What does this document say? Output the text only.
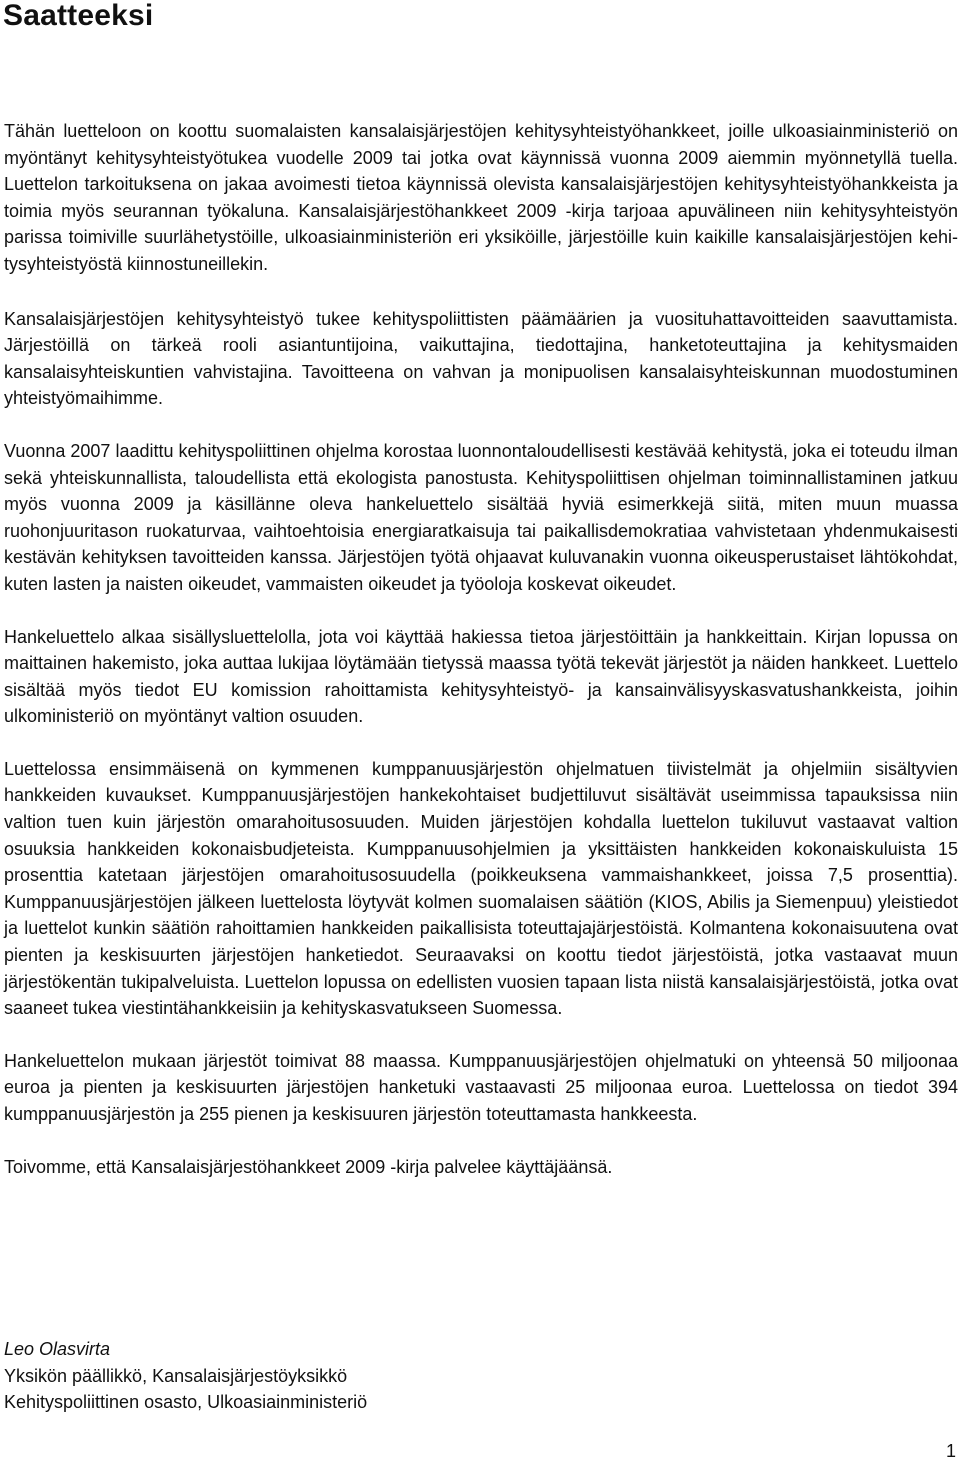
Saatteeksi

Tähän luetteloon on koottu suomalaisten kansalaisjärjestöjen kehitysyhteistyöhankkeet, joille ulkoasiainministeriö on myöntänyt kehitysyhteistyötukea vuodelle 2009 tai jotka ovat käynnissä vuonna 2009 aiemmin myönnetyllä tuella. Luettelon tarkoituksena on jakaa avoimesti tietoa käynnissä olevista kansalaisjärjestöjen kehitysyhteistyöhankkeista ja toimia myös seurannan työkaluna. Kansalaisjärjestöhankkeet 2009 -kirja tarjoaa apuvälineen niin kehitysyhteistyön parissa toimiville suurlähetystöille, ulkoasiainministeriön eri yksiköille, järjestöille kuin kaikille kansalaisjärjestöjen kehitysyhteistyöstä kiinnostuneillekin.

Kansalaisjärjestöjen kehitysyhteistyö tukee kehityspoliittisten päämäärien ja vuosituhattavoitteiden saavuttamista. Järjestöillä on tärkeä rooli asiantuntijoina, vaikuttajina, tiedottajina, hanketoteuttajina ja kehitysmaiden kansalaisyhteiskuntien vahvistajina. Tavoitteena on vahvan ja monipuolisen kansalaisyhteiskunnan muodostuminen yhteistyömaihimme.

Vuonna 2007 laadittu kehityspoliittinen ohjelma korostaa luonnontaloudellisesti kestävää kehitystä, joka ei toteudu ilman sekä yhteiskunnallista, taloudellista että ekologista panostusta. Kehityspoliittisen ohjelman toiminnallistaminen jatkuu myös vuonna 2009 ja käsillänne oleva hankeluettelo sisältää hyviä esimerkkejä siitä, miten muun muassa ruohonjuuritason ruokaturvaa, vaihtoehtoisia energiaratkaisuja tai paikallisdemokratiaa vahvistetaan yhdenmukaisesti kestävän kehityksen tavoitteiden kanssa. Järjestöjen työtä ohjaavat kuluvanakin vuonna oikeusperustaiset lähtökohdat, kuten lasten ja naisten oikeudet, vammaisten oikeudet ja työoloja koskevat oikeudet.

Hankeluettelo alkaa sisällysluettelolla, jota voi käyttää hakiessa tietoa järjestöittäin ja hankkeittain. Kirjan lopussa on maittainen hakemisto, joka auttaa lukijaa löytämään tietyssä maassa työtä tekevät järjestöt ja näiden hankkeet. Luettelo sisältää myös tiedot EU komission rahoittamista kehitysyhteistyö- ja kansainvälisyyskasvatushankkeista, joihin ulkoministeriö on myöntänyt valtion osuuden.

Luettelossa ensimmäisenä on kymmenen kumppanuusjärjestön ohjelmatuen tiivistelmät ja ohjelmiin sisältyvien hankkeiden kuvaukset. Kumppanuusjärjestöjen hankekohtaiset budjettiluvut sisältävät useimmissa tapauksissa niin valtion tuen kuin järjestön omarahoitusosuuden. Muiden järjestöjen kohdalla luettelon tukiluvut vastaavat valtion osuuksia hankkeiden kokonaisbudjeteista. Kumppanuusohjelmien ja yksittäisten hankkeiden kokonaiskuluista 15 prosenttia katetaan järjestöjen omarahoitusosuudella (poikkeuksena vammaishankkeet, joissa 7,5 prosenttia). Kumppanuusjärjestöjen jälkeen luettelosta löytyvät kolmen suomalaisen säätiön (KIOS, Abilis ja Siemenpuu) yleistiedot ja luettelot kunkin säätiön rahoittamien hankkeiden paikallisista toteuttajajärjestöistä. Kolmantena kokonaisuutena ovat pienten ja keskisuurten järjestöjen hanketiedot. Seuraavaksi on koottu tiedot järjestöistä, jotka vastaavat muun järjestökentän tukipalveluista. Luettelon lopussa on edellisten vuosien tapaan lista niistä kansalaisjärjestöistä, jotka ovat saaneet tukea viestintähankkeisiin ja kehityskasvatukseen Suomessa.

Hankeluettelon mukaan järjestöt toimivat 88 maassa. Kumppanuusjärjestöjen ohjelmatuki on yhteensä 50 miljoonaa euroa ja pienten ja keskisuurten järjestöjen hanketuki vastaavasti 25 miljoonaa euroa. Luettelossa on tiedot 394 kumppanuusjärjestön ja 255 pienen ja keskisuuren järjestön toteuttamasta hankkeesta.

Toivomme, että Kansalaisjärjestöhankkeet 2009 -kirja palvelee käyttäjäänsä.

Leo Olasvirta
Yksikön päällikkö, Kansalaisjärjestöyksikkö
Kehityspoliittinen osasto, Ulkoasiainministeriö
1
